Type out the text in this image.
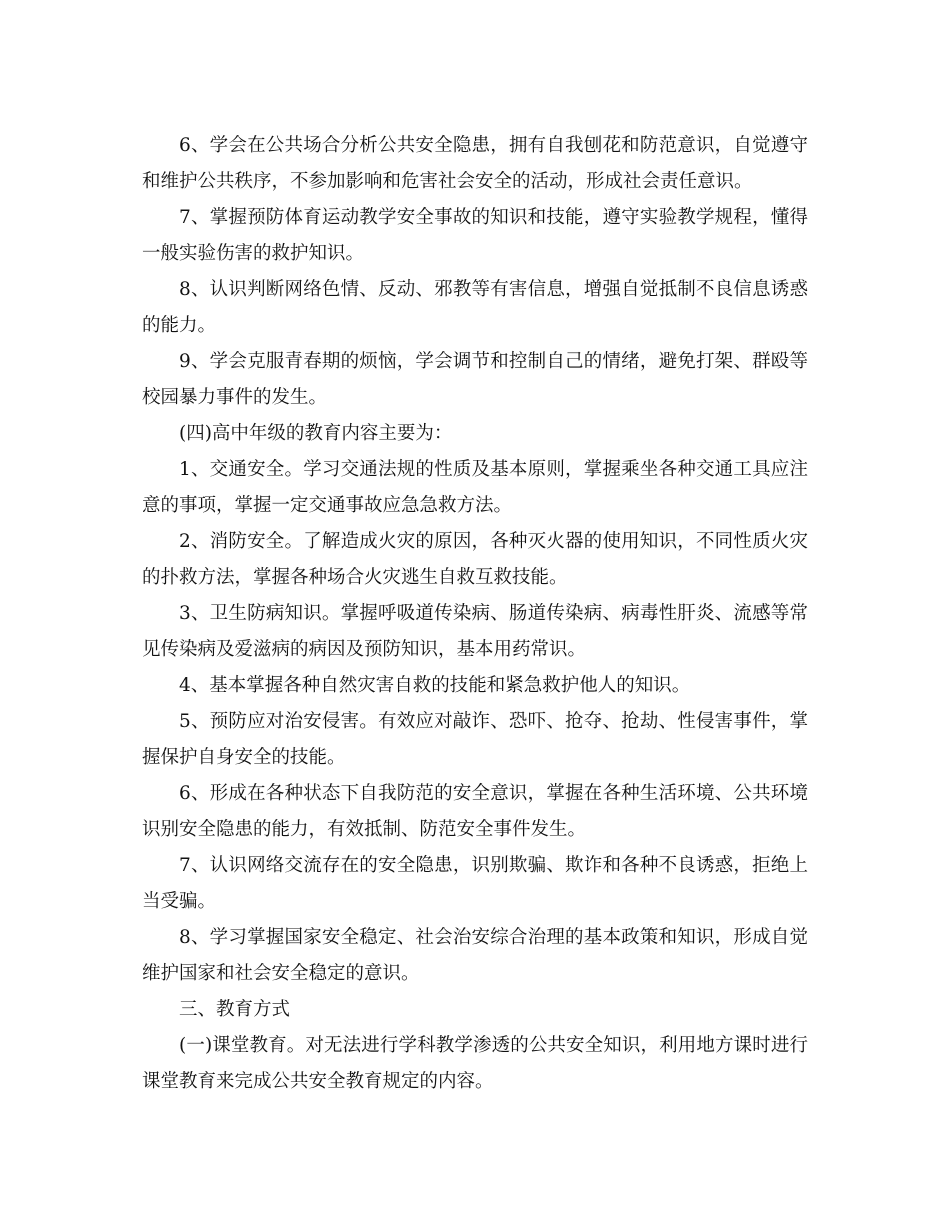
6、学会在公共场合分析公共安全隐患，拥有自我刨花和防范意识，自觉遵守和维护公共秩序，不参加影响和危害社会安全的活动，形成社会责任意识。

7、掌握预防体育运动教学安全事故的知识和技能，遵守实验教学规程，懂得一般实验伤害的救护知识。

8、认识判断网络色情、反动、邪教等有害信息，增强自觉抵制不良信息诱惑的能力。

9、学会克服青春期的烦恼，学会调节和控制自己的情绪，避免打架、群殴等校园暴力事件的发生。

(四)高中年级的教育内容主要为：

1、交通安全。学习交通法规的性质及基本原则，掌握乘坐各种交通工具应注意的事项，掌握一定交通事故应急急救方法。

2、消防安全。了解造成火灾的原因，各种灭火器的使用知识，不同性质火灾的扑救方法，掌握各种场合火灾逃生自救互救技能。

3、卫生防病知识。掌握呼吸道传染病、肠道传染病、病毒性肝炎、流感等常见传染病及爱滋病的病因及预防知识，基本用药常识。

4、基本掌握各种自然灾害自救的技能和紧急救护他人的知识。

5、预防应对治安侵害。有效应对敲诈、恐吓、抢夺、抢劫、性侵害事件，掌握保护自身安全的技能。

6、形成在各种状态下自我防范的安全意识，掌握在各种生活环境、公共环境识别安全隐患的能力，有效抵制、防范安全事件发生。

7、认识网络交流存在的安全隐患，识别欺骗、欺诈和各种不良诱惑，拒绝上当受骗。

8、学习掌握国家安全稳定、社会治安综合治理的基本政策和知识，形成自觉维护国家和社会安全稳定的意识。

三、教育方式

(一)课堂教育。对无法进行学科教学渗透的公共安全知识，利用地方课时进行课堂教育来完成公共安全教育规定的内容。
